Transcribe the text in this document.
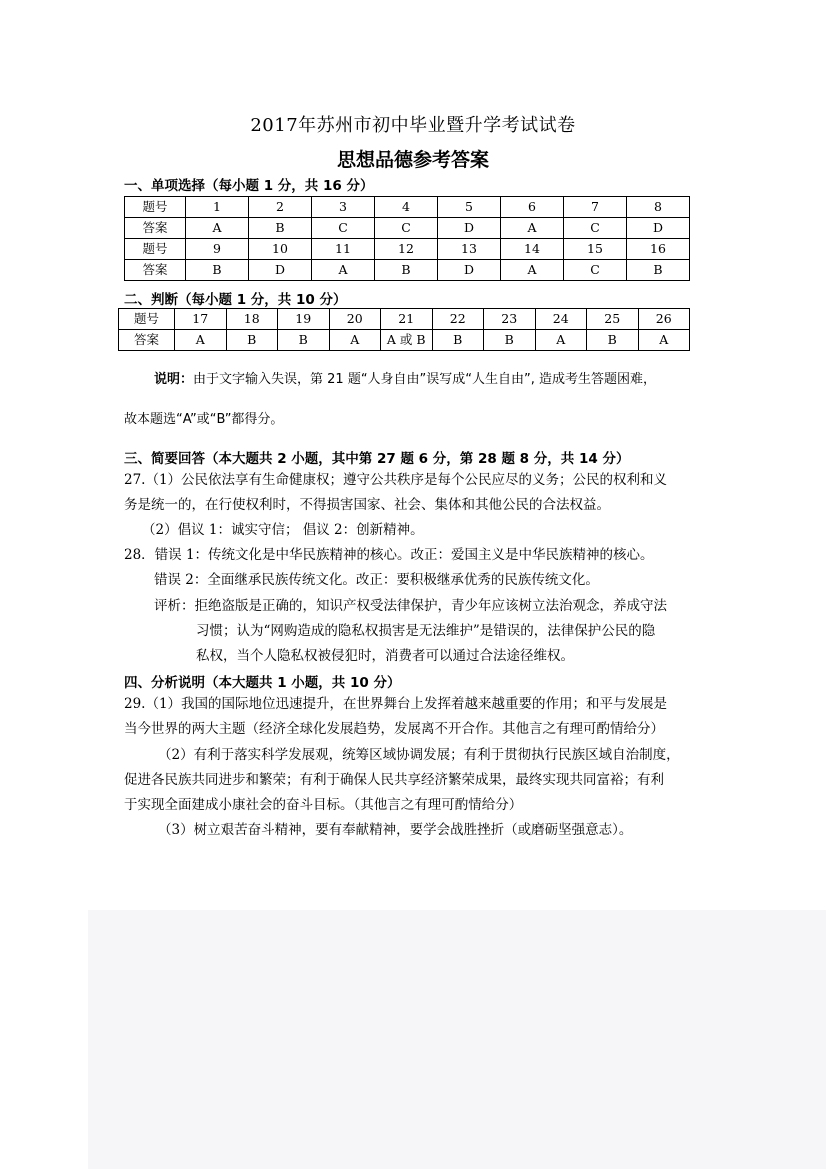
2017年苏州市初中毕业暨升学考试试卷
思想品德参考答案
一、单项选择（每小题 1 分，共 16 分）
题号	1	2	3	4	5	6	7	8
答案	A	B	C	C	D	A	C	D
题号	9	10	11	12	13	14	15	16
答案	B	D	A	B	D	A	C	B
二、判断（每小题 1 分，共 10 分）
题号	17	18	19	20	21	22	23	24	25	26
答案	A	B	B	A	A 或 B	B	B	A	B	A
说明：由于文字输入失误，第 21 题“人身自由”误写成“人生自由”, 造成考生答题困难，
故本题选“A”或“B”都得分。
三、简要回答（本大题共 2 小题，其中第 27 题 6 分，第 28 题 8 分，共 14 分）
27.（1）公民依法享有生命健康权；遵守公共秩序是每个公民应尽的义务；公民的权利和义
务是统一的，在行使权利时，不得损害国家、社会、集体和其他公民的合法权益。
（2）倡议 1：诚实守信； 倡议 2：创新精神。
28．错误 1：传统文化是中华民族精神的核心。改正：爱国主义是中华民族精神的核心。
错误 2：全面继承民族传统文化。改正：要积极继承优秀的民族传统文化。
评析：拒绝盗版是正确的，知识产权受法律保护，青少年应该树立法治观念，养成守法
习惯；认为“网购造成的隐私权损害是无法维护”是错误的，法律保护公民的隐
私权，当个人隐私权被侵犯时，消费者可以通过合法途径维权。
四、分析说明（本大题共 1 小题，共 10 分）
29.（1）我国的国际地位迅速提升，在世界舞台上发挥着越来越重要的作用；和平与发展是
当今世界的两大主题（经济全球化发展趋势，发展离不开合作。其他言之有理可酌情给分）
（2）有利于落实科学发展观，统筹区域协调发展；有利于贯彻执行民族区域自治制度，
促进各民族共同进步和繁荣；有利于确保人民共享经济繁荣成果，最终实现共同富裕；有利
于实现全面建成小康社会的奋斗目标。（其他言之有理可酌情给分）
（3）树立艰苦奋斗精神，要有奉献精神，要学会战胜挫折（或磨砺坚强意志）。
